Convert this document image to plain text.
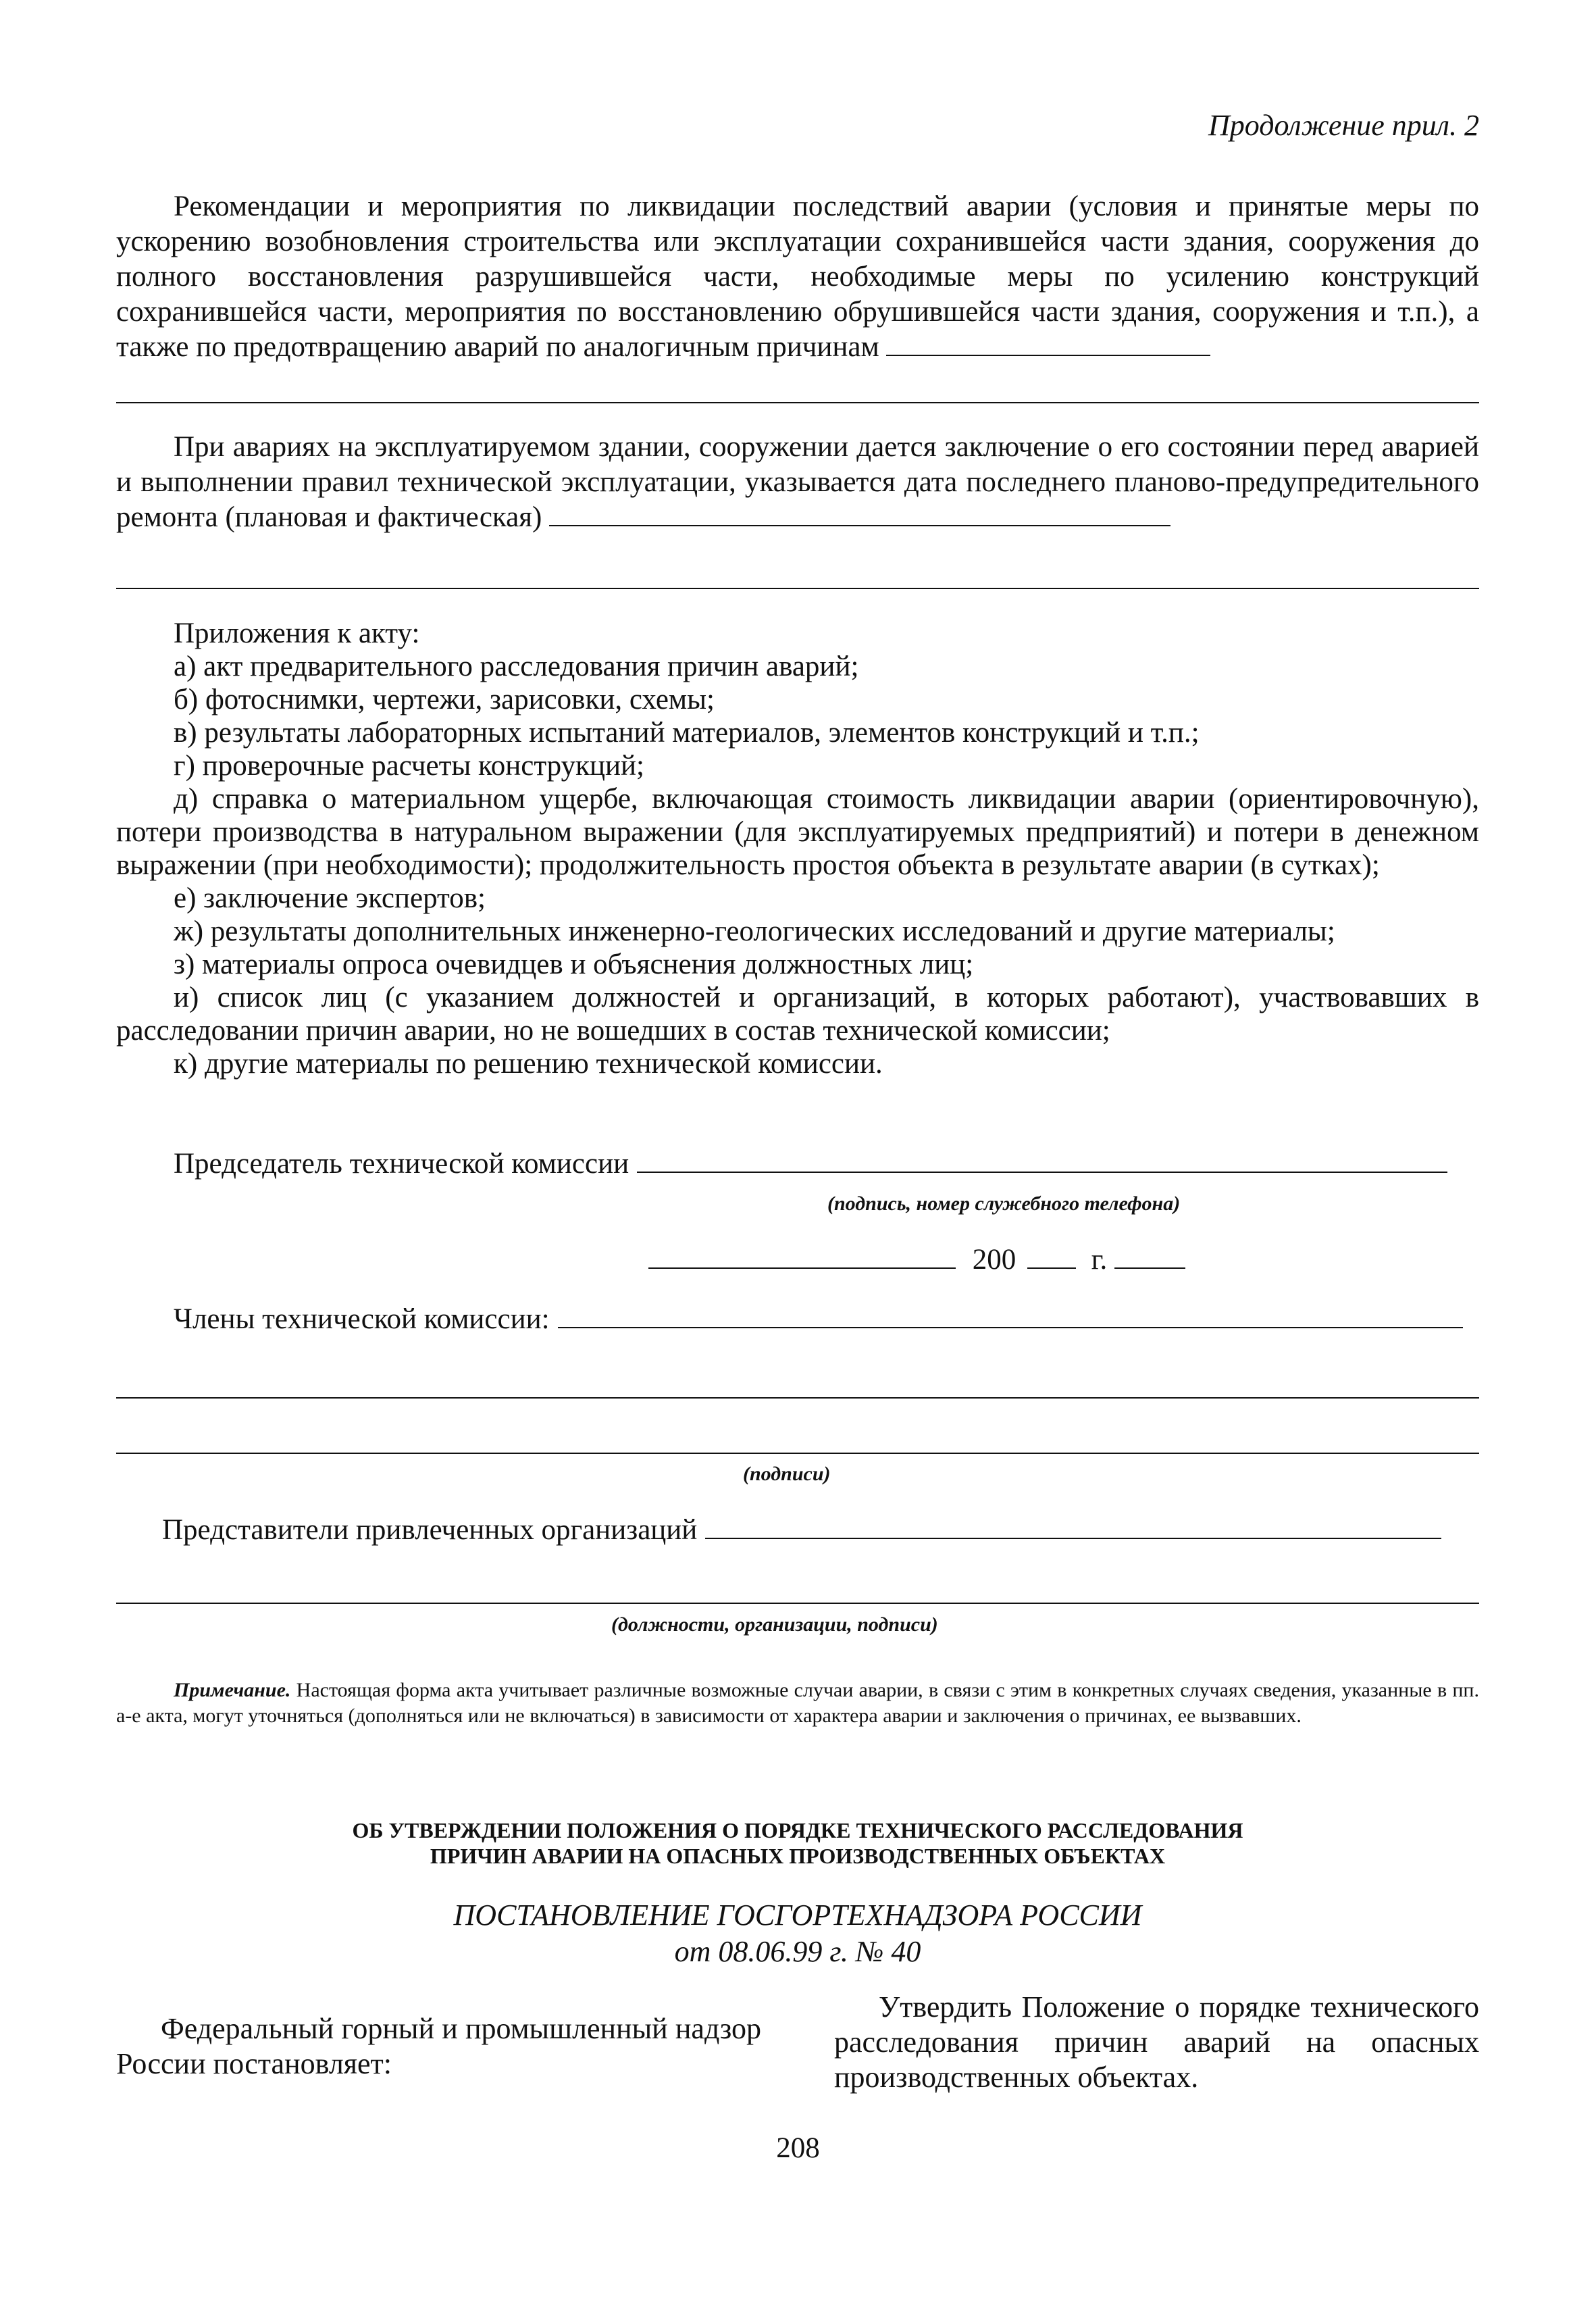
Продолжение прил. 2

Рекомендации и мероприятия по ликвидации последствий аварии (условия и принятые меры по ускорению возобновления строительства или эксплуатации сохранившейся части здания, сооружения до полного восстановления разрушившейся части, необходимые меры по усилению конструкций сохранившейся части, мероприятия по восстановлению обрушившейся части здания, сооружения и т.п.), а также по предотвращению аварий по аналогичным причинам

При авариях на эксплуатируемом здании, сооружении дается заключение о его состоянии перед аварией и выполнении правил технической эксплуатации, указывается дата последнего планово-предупредительного ремонта (плановая и фактическая)

Приложения к акту:
а) акт предварительного расследования причин аварий;
б) фотоснимки, чертежи, зарисовки, схемы;
в) результаты лабораторных испытаний материалов, элементов конструкций и т.п.;
г) проверочные расчеты конструкций;
д) справка о материальном ущербе, включающая стоимость ликвидации аварии (ориентировочную), потери производства в натуральном выражении (для эксплуатируемых предприятий) и потери в денежном выражении (при необходимости); продолжительность простоя объекта в результате аварии (в сутках);
е) заключение экспертов;
ж) результаты дополнительных инженерно-геологических исследований и другие материалы;
з) материалы опроса очевидцев и объяснения должностных лиц;
и) список лиц (с указанием должностей и организаций, в которых работают), участвовавших в расследовании причин аварии, но не вошедших в состав технической комиссии;
к) другие материалы по решению технической комиссии.
Председатель технической комиссии
(подпись, номер служебного телефона)
200	г.
Члены технической комиссии:
(подписи)
Представители привлеченных организаций
(должности, организации, подписи)

Примечание. Настоящая форма акта учитывает различные возможные случаи аварии, в связи с этим в конкретных случаях сведения, указанные в пп. а-е акта, могут уточняться (дополняться или не включаться) в зависимости от характера аварии и заключения о причинах, ее вызвавших.

ОБ УТВЕРЖДЕНИИ ПОЛОЖЕНИЯ О ПОРЯДКЕ ТЕХНИЧЕСКОГО РАССЛЕДОВАНИЯ
ПРИЧИН АВАРИИ НА ОПАСНЫХ ПРОИЗВОДСТВЕННЫХ ОБЪЕКТАХ
ПОСТАНОВЛЕНИЕ ГОСГОРТЕХНАДЗОРА РОССИИ
от 08.06.99 г. № 40

Федеральный горный и промышленный надзор России постановляет:

Утвердить Положение о порядке технического расследования причин аварий на опасных производственных объектах.

208
